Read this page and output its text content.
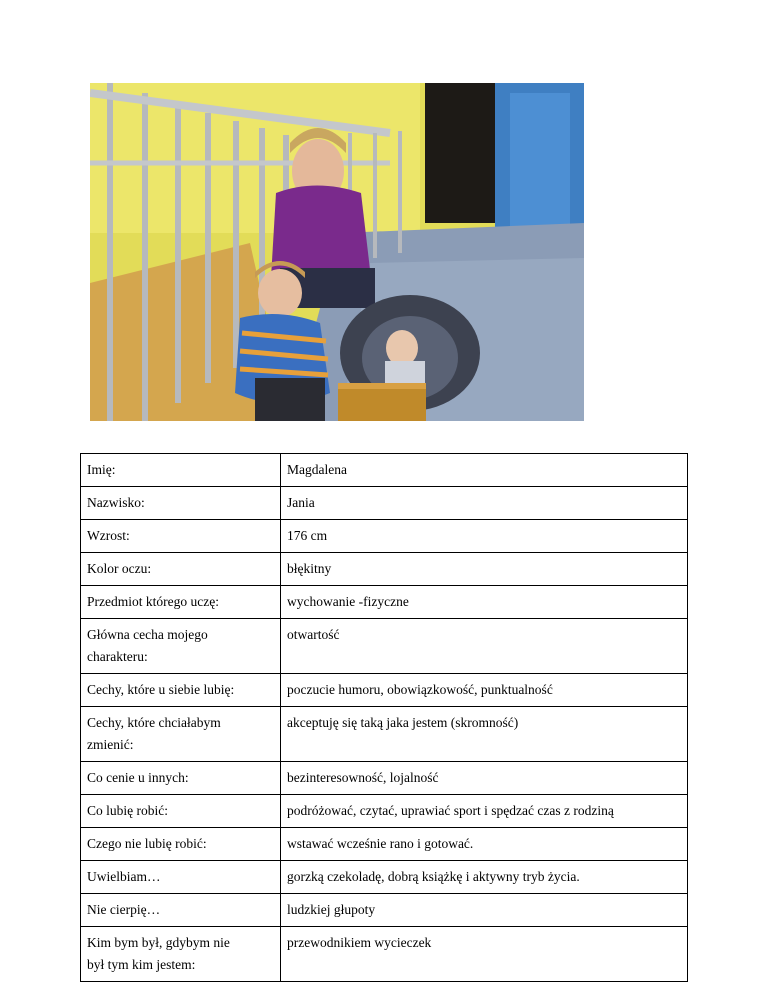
Imię:	Magdalena

Nazwisko:	Jania

Wzrost:	176 cm

Kolor oczu:	błękitny

Przedmiot którego uczę:	wychowanie -fizyczne

Główna cecha mojego charakteru:	otwartość

Cechy, które u siebie lubię:	poczucie humoru, obowiązkowość, punktualność

Cechy, które chciałabym zmienić:	akceptuję się taką jaka jestem (skromność)

Co cenie u innych:	bezinteresowność, lojalność

Co lubię robić:	podróżować, czytać, uprawiać sport i spędzać czas z rodziną

Czego nie lubię robić:	wstawać wcześnie rano i gotować.

Uwielbiam…	gorzką czekoladę, dobrą książkę i aktywny tryb życia.

Nie cierpię…	ludzkiej głupoty

Kim bym był, gdybym nie był tym kim jestem:	przewodnikiem wycieczek
